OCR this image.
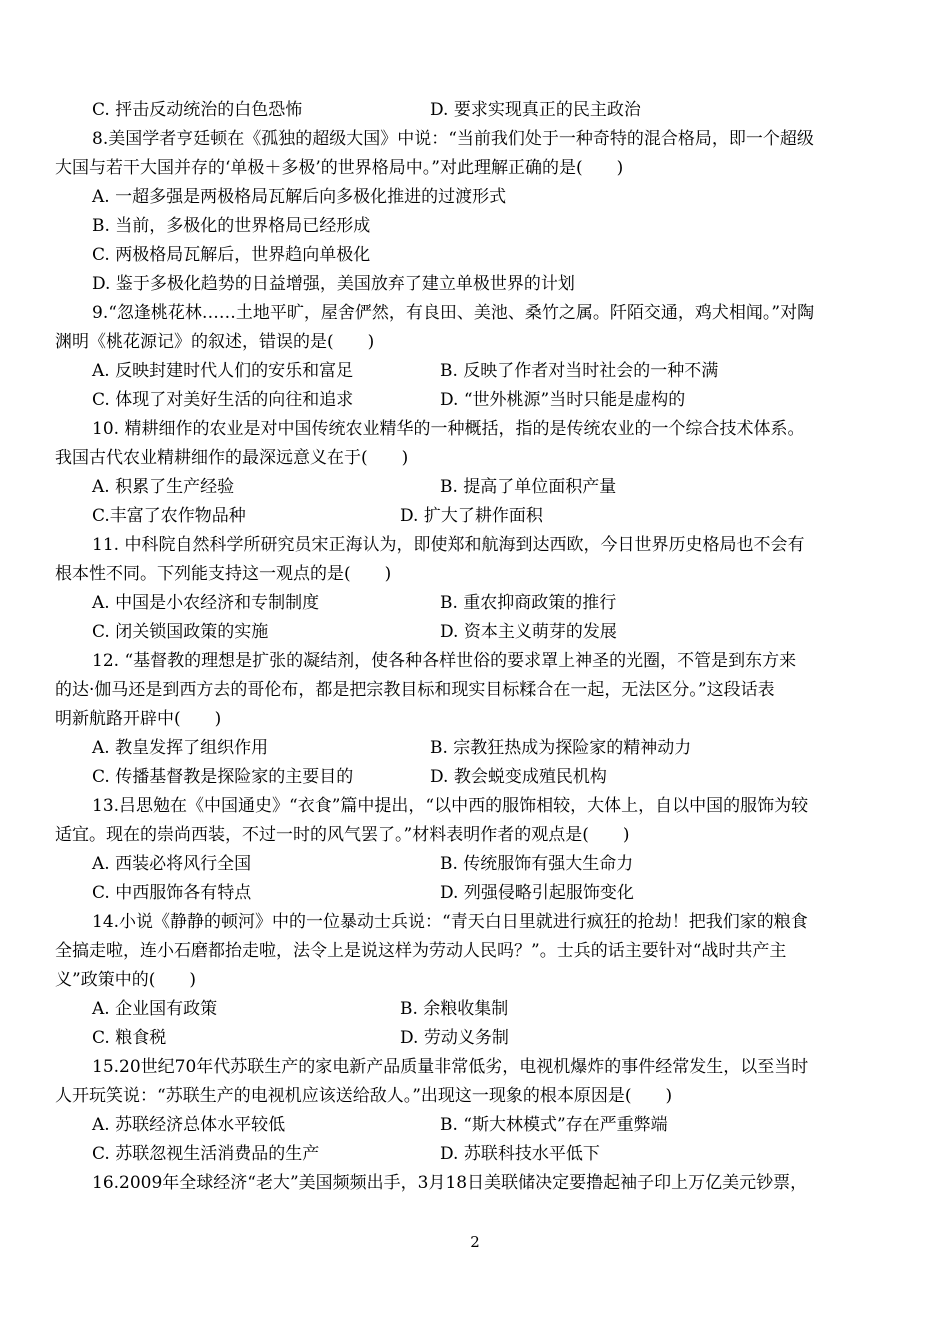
C. 抨击反动统治的白色恐怖	D. 要求实现真正的民主政治
8.美国学者亨廷顿在《孤独的超级大国》中说：“当前我们处于一种奇特的混合格局，即一个超级
大国与若干大国并存的‘单极＋多极’的世界格局中。”对此理解正确的是(　　)
A. 一超多强是两极格局瓦解后向多极化推进的过渡形式
B. 当前，多极化的世界格局已经形成
C. 两极格局瓦解后，世界趋向单极化
D. 鉴于多极化趋势的日益增强，美国放弃了建立单极世界的计划
9.“忽逢桃花林……土地平旷，屋舍俨然，有良田、美池、桑竹之属。阡陌交通，鸡犬相闻。”对陶
渊明《桃花源记》的叙述，错误的是(　　)
A. 反映封建时代人们的安乐和富足	B. 反映了作者对当时社会的一种不满
C. 体现了对美好生活的向往和追求	D. “世外桃源”当时只能是虚构的
10. 精耕细作的农业是对中国传统农业精华的一种概括，指的是传统农业的一个综合技术体系。
我国古代农业精耕细作的最深远意义在于(　　)
A. 积累了生产经验	B. 提高了单位面积产量
C.丰富了农作物品种	D. 扩大了耕作面积
11. 中科院自然科学所研究员宋正海认为，即使郑和航海到达西欧，今日世界历史格局也不会有
根本性不同。下列能支持这一观点的是(　　)
A. 中国是小农经济和专制制度	B. 重农抑商政策的推行
C. 闭关锁国政策的实施	D. 资本主义萌芽的发展
12. “基督教的理想是扩张的凝结剂，使各种各样世俗的要求罩上神圣的光圈，不管是到东方来
的达·伽马还是到西方去的哥伦布，都是把宗教目标和现实目标糅合在一起，无法区分。”这段话表
明新航路开辟中(　　)
A. 教皇发挥了组织作用	B. 宗教狂热成为探险家的精神动力
C. 传播基督教是探险家的主要目的	D. 教会蜕变成殖民机构
13.吕思勉在《中国通史》“衣食”篇中提出，“以中西的服饰相较，大体上，自以中国的服饰为较
适宜。现在的崇尚西装，不过一时的风气罢了。”材料表明作者的观点是(　　)
A. 西装必将风行全国	B. 传统服饰有强大生命力
C. 中西服饰各有特点	D. 列强侵略引起服饰变化
14.小说《静静的顿河》中的一位暴动士兵说：“青天白日里就进行疯狂的抢劫！把我们家的粮食
全搞走啦，连小石磨都抬走啦，法令上是说这样为劳动人民吗？”。士兵的话主要针对“战时共产主
义”政策中的(　　)
A. 企业国有政策	B. 余粮收集制
C. 粮食税	D. 劳动义务制
15.20世纪70年代苏联生产的家电新产品质量非常低劣，电视机爆炸的事件经常发生，以至当时
人开玩笑说：“苏联生产的电视机应该送给敌人。”出现这一现象的根本原因是(　　)
A. 苏联经济总体水平较低	B. “斯大林模式”存在严重弊端
C. 苏联忽视生活消费品的生产	D. 苏联科技水平低下
16.2009年全球经济“老大”美国频频出手，3月18日美联储决定要撸起袖子印上万亿美元钞票，
2
